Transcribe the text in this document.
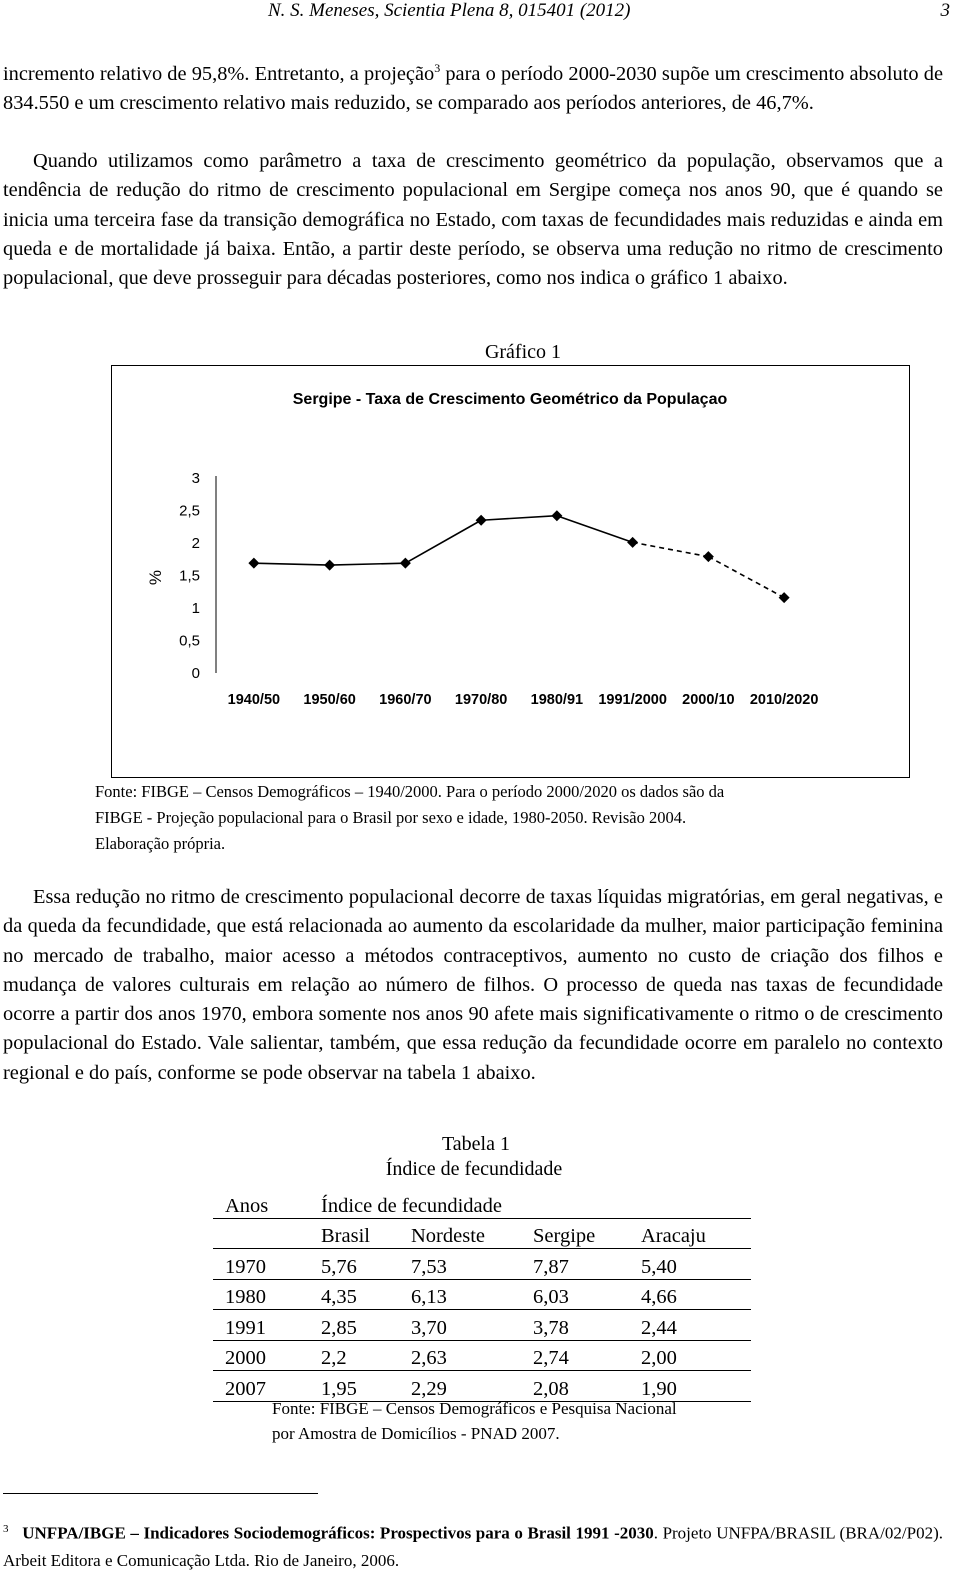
N. S. Meneses, Scientia Plena 8, 015401 (2012)	3

incremento relativo de 95,8%. Entretanto, a projeção$^3$ para o período 2000-2030 supõe um crescimento absoluto de 834.550 e um crescimento relativo mais reduzido, se comparado aos períodos anteriores, de 46,7%.

Quando utilizamos como parâmetro a taxa de crescimento geométrico da população, observamos que a tendência de redução do ritmo de crescimento populacional em Sergipe começa nos anos 90, que é quando se inicia uma terceira fase da transição demográfica no Estado, com taxas de fecundidades mais reduzidas e ainda em queda e de mortalidade já baixa. Então, a partir deste período, se observa uma redução no ritmo de crescimento populacional, que deve prosseguir para décadas posteriores, como nos indica o gráfico 1 abaixo.

Gráfico 1
Sergipe - Taxa de Crescimento Geométrico da Populaçao
3
2,5
2
1,5
1
0,5
0
%
1940/50 1950/60 1960/70 1970/80 1980/91 1991/2000 2000/10 2010/2020
Fonte: FIBGE – Censos Demográficos – 1940/2000. Para o período 2000/2020 os dados são da
FIBGE - Projeção populacional para o Brasil por sexo e idade, 1980-2050. Revisão 2004.
Elaboração própria.

Essa redução no ritmo de crescimento populacional decorre de taxas líquidas migratórias, em geral negativas, e da queda da fecundidade, que está relacionada ao aumento da escolaridade da mulher, maior participação feminina no mercado de trabalho, maior acesso a métodos contraceptivos, aumento no custo de criação dos filhos e mudança de valores culturais em relação ao número de filhos. O processo de queda nas taxas de fecundidade ocorre a partir dos anos 1970, embora somente nos anos 90 afete mais significativamente o ritmo o de crescimento populacional do Estado. Vale salientar, também, que essa redução da fecundidade ocorre em paralelo no contexto regional e do país, conforme se pode observar na tabela 1 abaixo.

Tabela 1
Índice de fecundidade
Anos	Índice de fecundidade			
	Brasil	Nordeste	Sergipe	Aracaju
1970	5,76	7,53	7,87	5,40
1980	4,35	6,13	6,03	4,66
1991	2,85	3,70	3,78	2,44
2000	2,2	2,63	2,74	2,00
2007	1,95	2,29	2,08	1,90
Fonte: FIBGE – Censos Demográficos e Pesquisa Nacional
por Amostra de Domicílios - PNAD 2007.
$^3$ UNFPA/IBGE – Indicadores Sociodemográficos: Prospectivos para o Brasil 1991 -2030. Projeto UNFPA/BRASIL (BRA/02/P02). Arbeit Editora e Comunicação Ltda. Rio de Janeiro, 2006.
